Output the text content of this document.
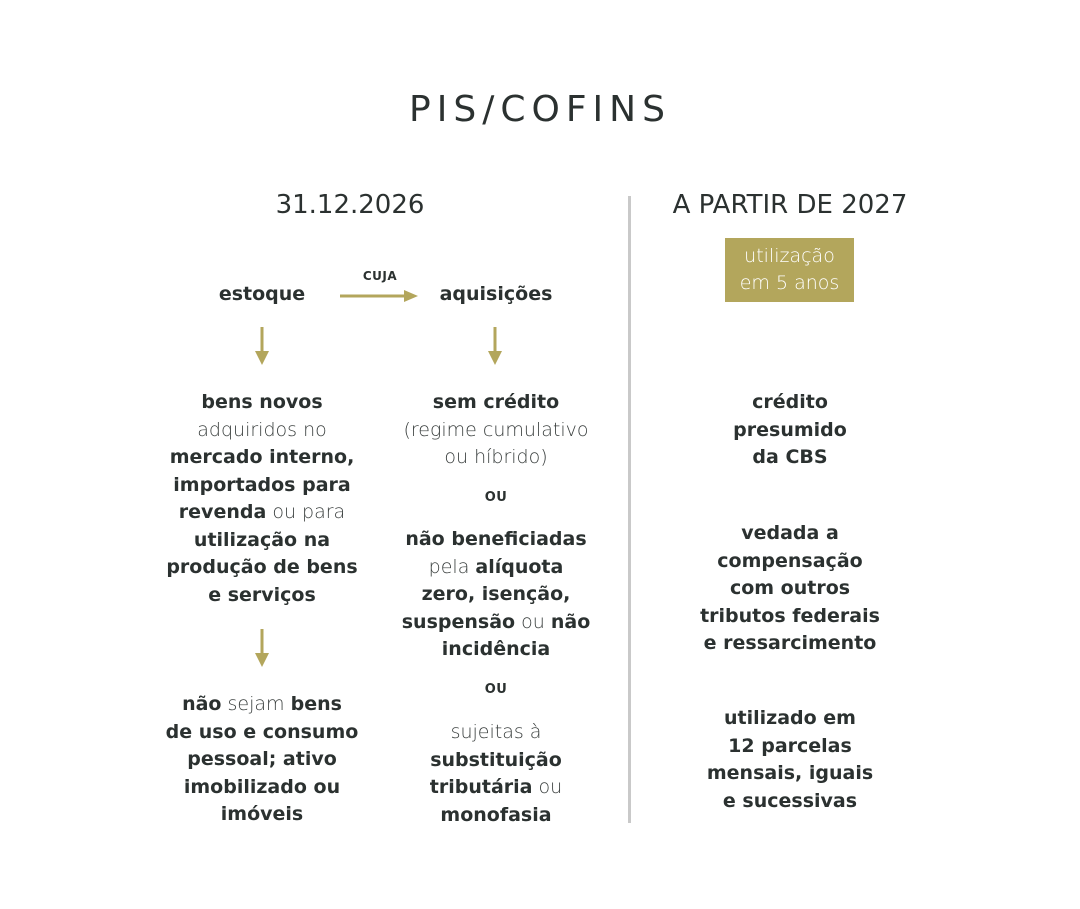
PIS/COFINS
31.12.2026	A PARTIR DE 2027
utilização
em 5 anos
estoque
CUJA
aquisições
bens novos
adquiridos no
mercado interno,
importados para
revenda ou para
utilização na
produção de bens
e serviços
não sejam bens
de uso e consumo
pessoal; ativo
imobilizado ou
imóveis
sem crédito
(regime cumulativo
ou híbrido)
OU
não beneficiadas
pela alíquota
zero, isenção,
suspensão ou não
incidência
OU
sujeitas à
substituição
tributária ou
monofasia
crédito
presumido
da CBS
vedada a
compensação
com outros
tributos federais
e ressarcimento
utilizado em
12 parcelas
mensais, iguais
e sucessivas
